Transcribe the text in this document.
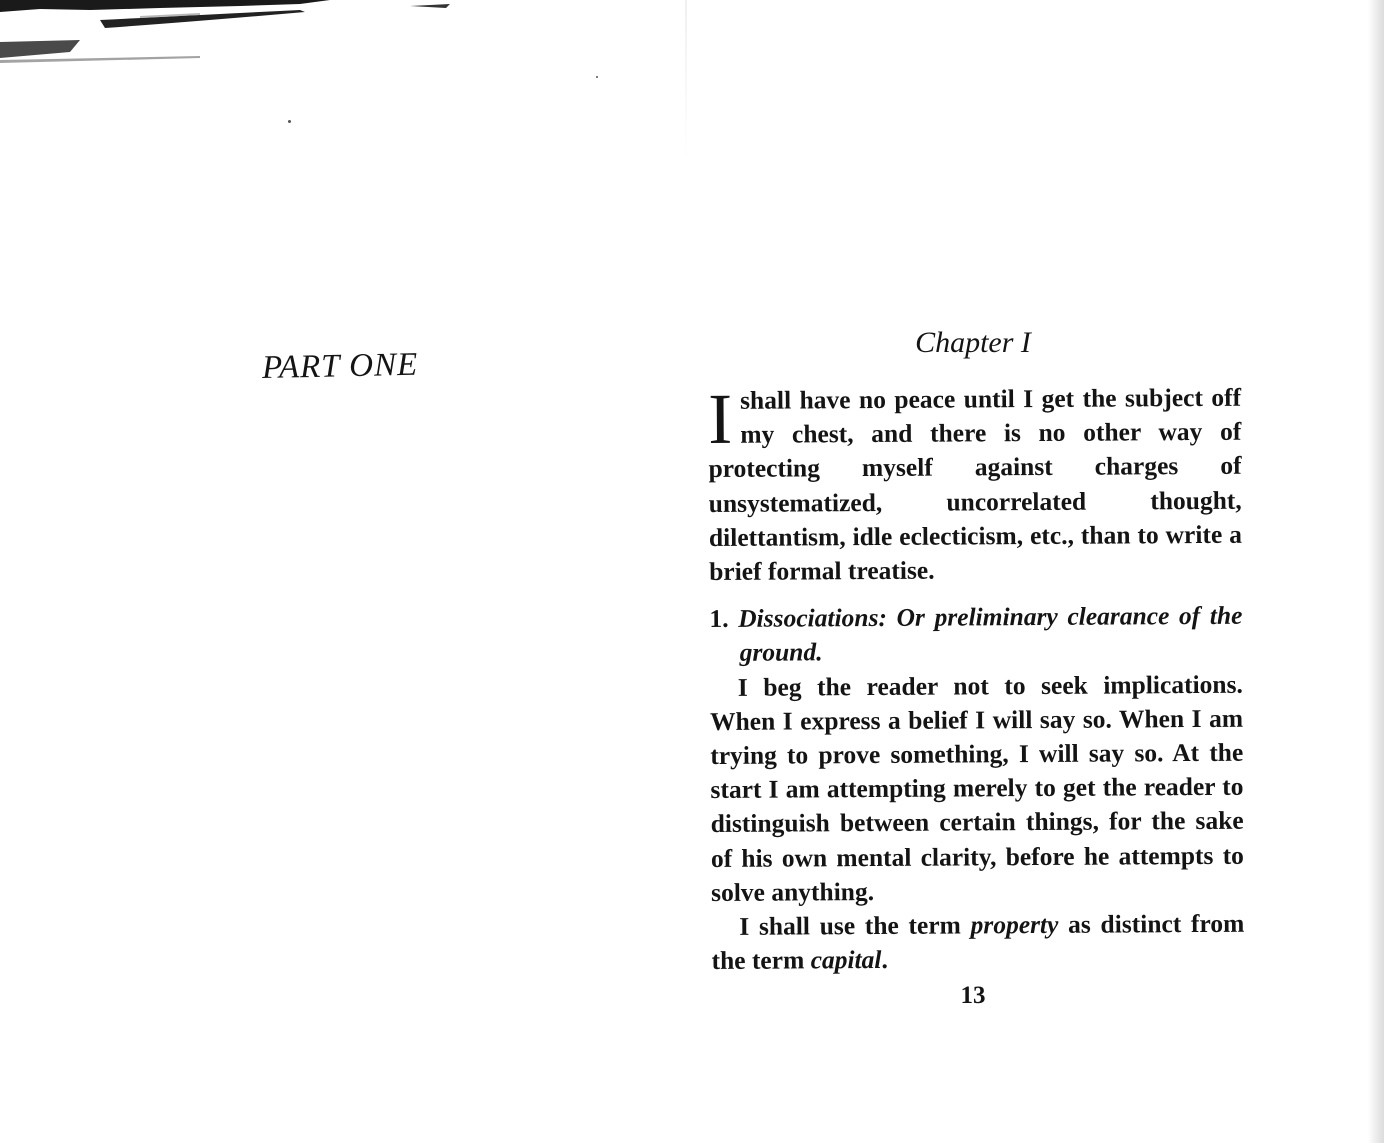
PART ONE
Chapter I

I shall have no peace until I get the subject off my chest, and there is no other way of protecting myself against charges of unsystematized, uncorrelated thought, dilettantism, idle eclecticism, etc., than to write a brief formal treatise.

1. Dissociations: Or preliminary clearance of the ground.

I beg the reader not to seek implications. When I express a belief I will say so. When I am trying to prove something, I will say so. At the start I am attempting merely to get the reader to distinguish between certain things, for the sake of his own mental clarity, before he attempts to solve anything.

I shall use the term property as distinct from the term capital.

13
